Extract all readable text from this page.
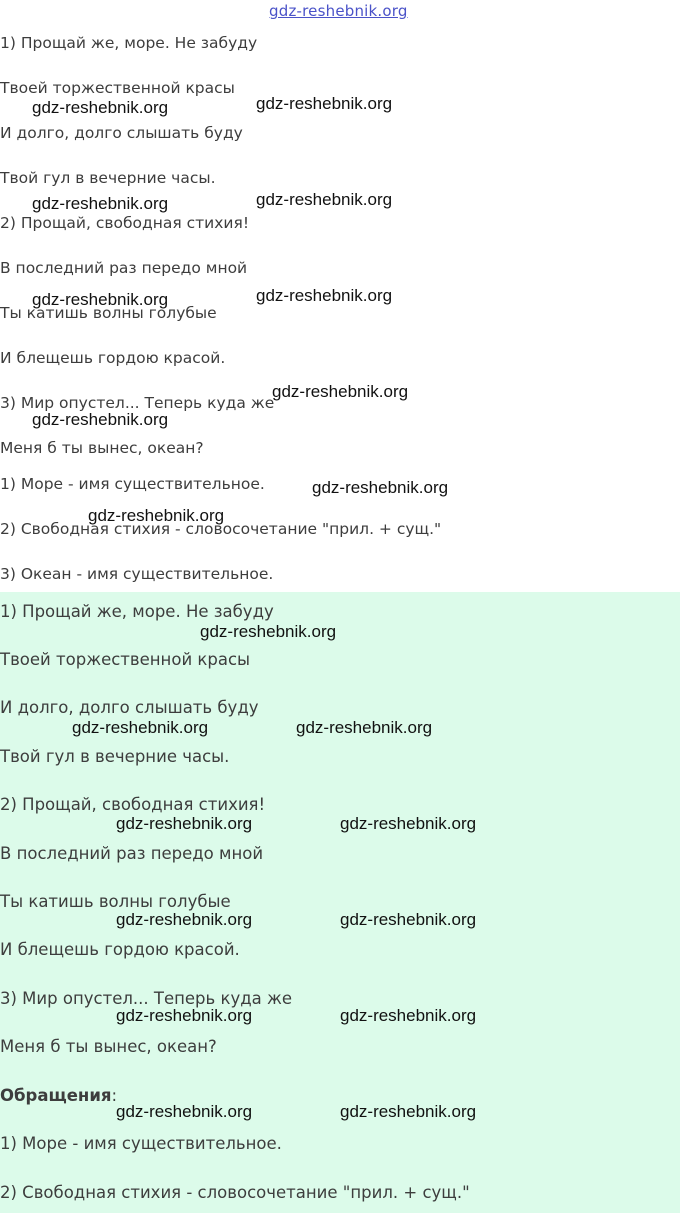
gdz-reshebnik.org
1) Прощай же, море. Не забуду
Твоей торжественной красы
И долго, долго слышать буду
Твой гул в вечерние часы.
2) Прощай, свободная стихия!
В последний раз передо мной
Ты катишь волны голубые
И блещешь гордою красой.
3) Мир опустел... Теперь куда же
Меня б ты вынес, океан?
1) Море - имя существительное.
2) Свободная стихия - словосочетание "прил. + сущ."
3) Океан - имя существительное.
1) Прощай же, море. Не забуду
Твоей торжественной красы
И долго, долго слышать буду
Твой гул в вечерние часы.
2) Прощай, свободная стихия!
В последний раз передо мной
Ты катишь волны голубые
И блещешь гордою красой.
3) Мир опустел... Теперь куда же
Меня б ты вынес, океан?
Обращения:
1) Море - имя существительное.
2) Свободная стихия - словосочетание "прил. + сущ."
gdz-reshebnik.org	gdz-reshebnik.org
gdz-reshebnik.org	gdz-reshebnik.org
gdz-reshebnik.org	gdz-reshebnik.org
gdz-reshebnik.org
gdz-reshebnik.org
gdz-reshebnik.org
gdz-reshebnik.org
gdz-reshebnik.org
gdz-reshebnik.org	gdz-reshebnik.org
gdz-reshebnik.org	gdz-reshebnik.org
gdz-reshebnik.org	gdz-reshebnik.org
gdz-reshebnik.org	gdz-reshebnik.org
gdz-reshebnik.org	gdz-reshebnik.org
